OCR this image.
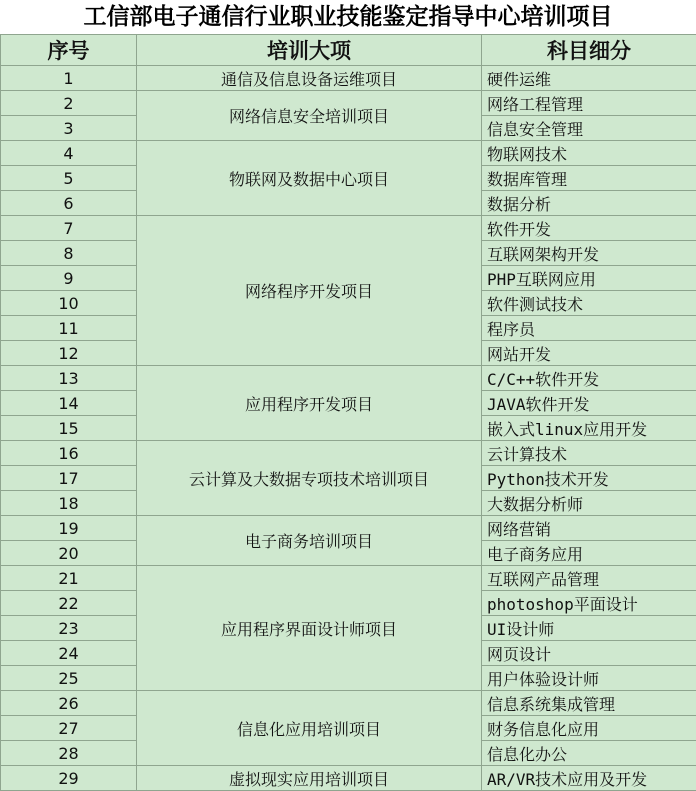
工信部电子通信行业职业技能鉴定指导中心培训项目
序号	培训大项	科目细分
1	通信及信息设备运维项目	硬件运维
2	网络信息安全培训项目	网络工程管理
3		信息安全管理
4	物联网及数据中心项目	物联网技术
5		数据库管理
6		数据分析
7	网络程序开发项目	软件开发
8		互联网架构开发
9		PHP互联网应用
10		软件测试技术
11		程序员
12		网站开发
13	应用程序开发项目	C/C++软件开发
14		JAVA软件开发
15		嵌入式linux应用开发
16	云计算及大数据专项技术培训项目	云计算技术
17		Python技术开发
18		大数据分析师
19	电子商务培训项目	网络营销
20		电子商务应用
21	应用程序界面设计师项目	互联网产品管理
22		photoshop平面设计
23		UI设计师
24		网页设计
25		用户体验设计师
26	信息化应用培训项目	信息系统集成管理
27		财务信息化应用
28		信息化办公
29	虚拟现实应用培训项目	AR/VR技术应用及开发
